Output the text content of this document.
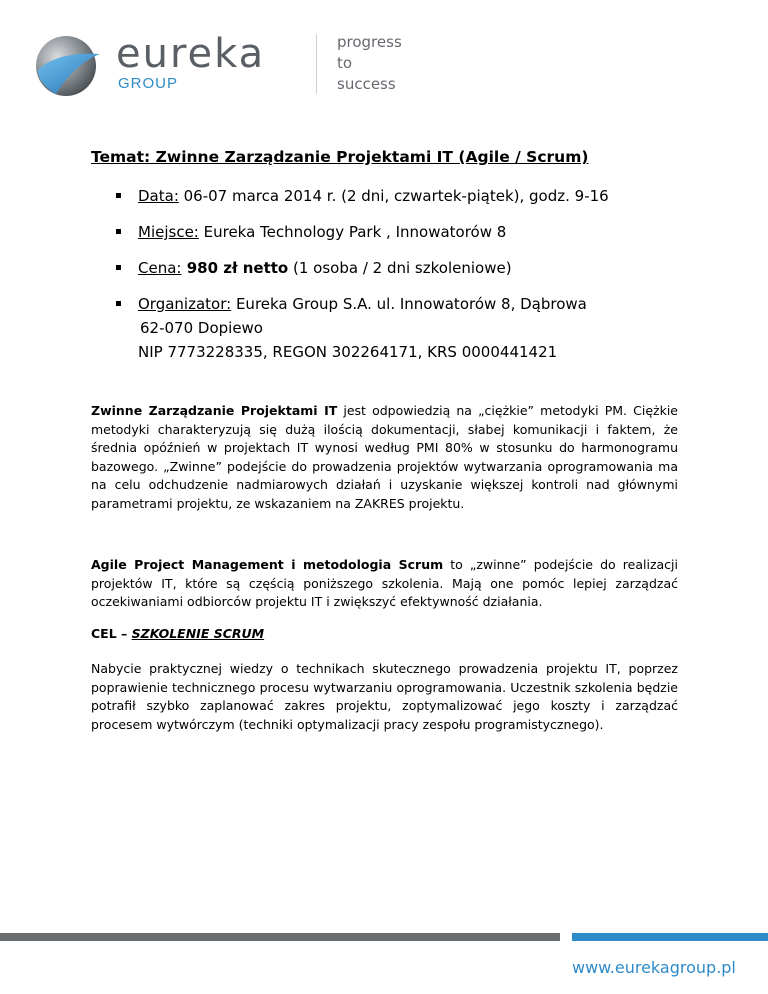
eureka
GROUP
progress
to
success
Temat: Zwinne Zarządzanie Projektami IT (Agile / Scrum)
Data: 06-07 marca 2014 r. (2 dni, czwartek-piątek), godz. 9-16
Miejsce: Eureka Technology Park , Innowatorów 8
Cena: 980 zł netto (1 osoba / 2 dni szkoleniowe)
Organizator: Eureka Group S.A. ul. Innowatorów 8, Dąbrowa
62-070 Dopiewo
NIP 7773228335, REGON 302264171, KRS 0000441421
Zwinne Zarządzanie Projektami IT jest odpowiedzią na „ciężkie” metodyki PM. Ciężkie metodyki charakteryzują się dużą ilością dokumentacji, słabej komunikacji i faktem, że średnia opóźnień w projektach IT wynosi według PMI 80% w stosunku do harmonogramu bazowego. „Zwinne” podejście do prowadzenia projektów wytwarzania oprogramowania ma na celu odchudzenie nadmiarowych działań i uzyskanie większej kontroli nad głównymi parametrami projektu, ze wskazaniem na ZAKRES projektu.
Agile Project Management i metodologia Scrum to „zwinne” podejście do realizacji projektów IT, które są częścią poniższego szkolenia. Mają one pomóc lepiej zarządzać oczekiwaniami odbiorców projektu IT i zwiększyć efektywność działania.
CEL – SZKOLENIE SCRUM
Nabycie praktycznej wiedzy o technikach skutecznego prowadzenia projektu IT, poprzez poprawienie technicznego procesu wytwarzaniu oprogramowania. Uczestnik szkolenia będzie potrafił szybko zaplanować zakres projektu, zoptymalizować jego koszty i zarządzać procesem wytwórczym (techniki optymalizacji pracy zespołu programistycznego).
www.eurekagroup.pl
